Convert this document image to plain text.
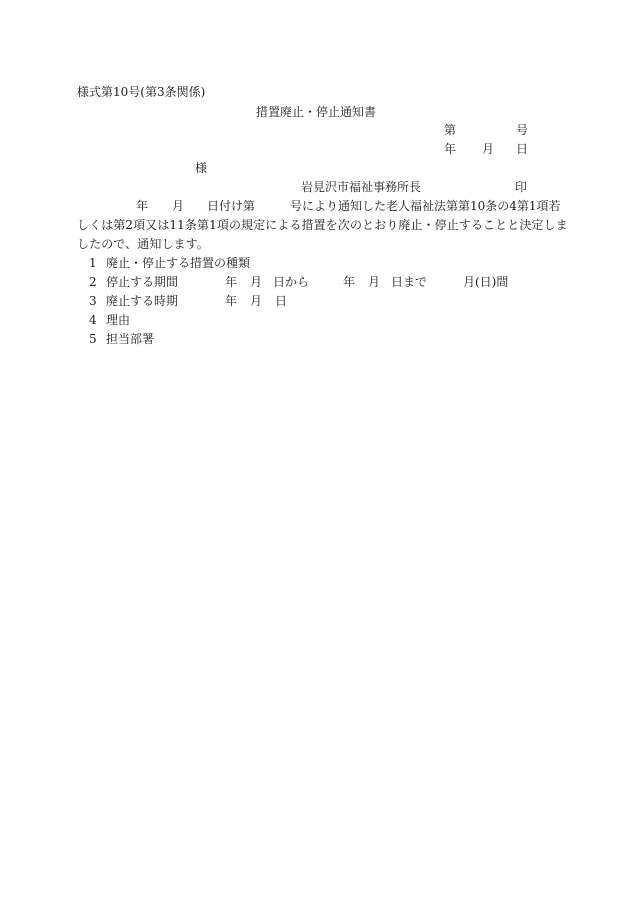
様式第10号(第3条関係)
措置廃止・停止通知書
第	号
年 月 日
様
岩見沢市福祉事務所長	印
年 月 日付け第	号により通知した老人福祉法第第10条の4第1項若
しくは第2項又は11条第1項の規定による措置を次のとおり廃止・停止することと決定しま
したので、通知します。
1 廃止・停止する措置の種類
2 停止する期間	年 月 日から	年 月 日まで	月(日)間
3 廃止する時期	年 月 日
4 理由
5 担当部署
